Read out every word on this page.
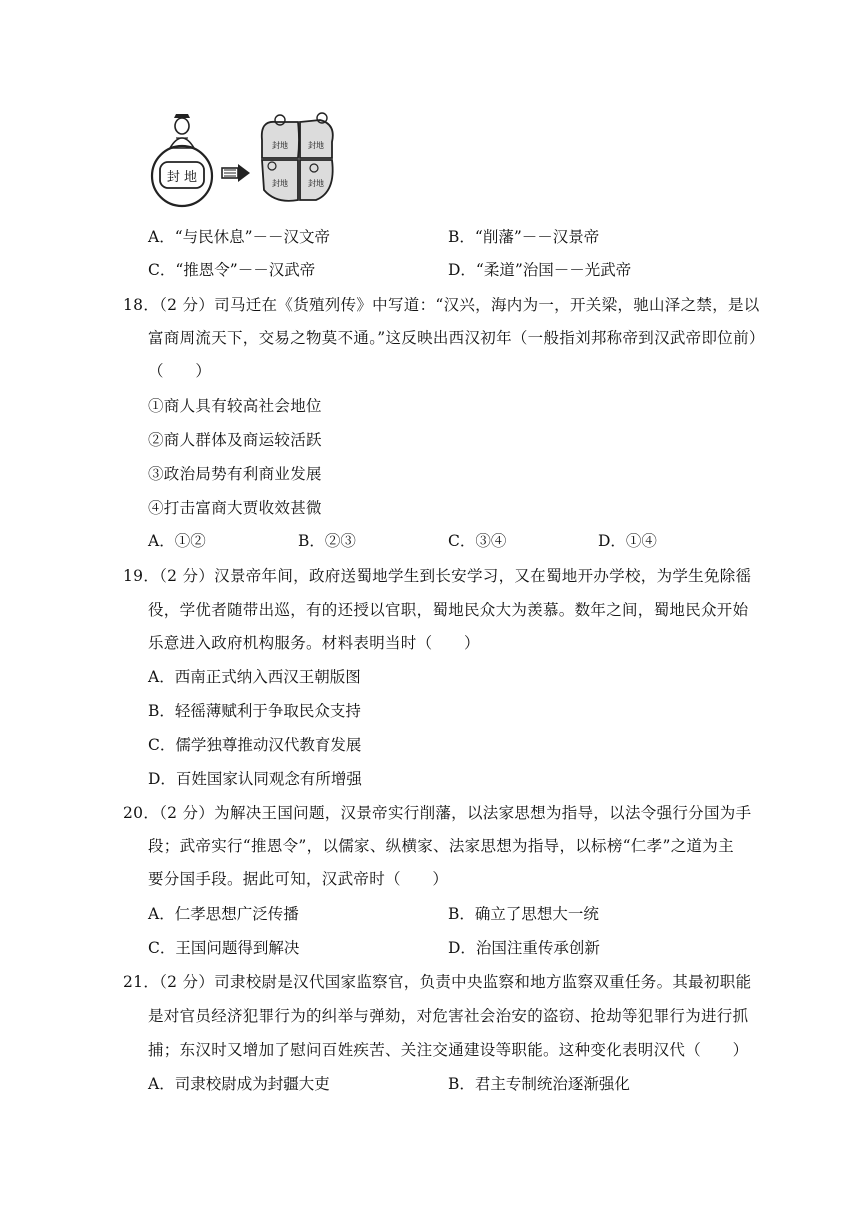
封 地
封地	封地
封地	封地
A．“与民休息”－－汉文帝	B．“削藩”－－汉景帝
C．“推恩令”－－汉武帝	D．“柔道”治国－－光武帝
18．（2 分）司马迁在《货殖列传》中写道：“汉兴，海内为一，开关梁，驰山泽之禁，是以
富商周流天下，交易之物莫不通。”这反映出西汉初年（一般指刘邦称帝到汉武帝即位前）
（　　）
①商人具有较高社会地位
②商人群体及商运较活跃
③政治局势有利商业发展
④打击富商大贾收效甚微
A．①②	B．②③	C．③④	D．①④
19．（2 分）汉景帝年间，政府送蜀地学生到长安学习，又在蜀地开办学校，为学生免除徭
役，学优者随带出巡，有的还授以官职，蜀地民众大为羡慕。数年之间，蜀地民众开始
乐意进入政府机构服务。材料表明当时（　　）
A．西南正式纳入西汉王朝版图
B．轻徭薄赋利于争取民众支持
C．儒学独尊推动汉代教育发展
D．百姓国家认同观念有所增强
20．（2 分）为解决王国问题，汉景帝实行削藩，以法家思想为指导，以法令强行分国为手
段；武帝实行“推恩令”，以儒家、纵横家、法家思想为指导，以标榜“仁孝”之道为主
要分国手段。据此可知，汉武帝时（　　）
A．仁孝思想广泛传播	B．确立了思想大一统
C．王国问题得到解决	D．治国注重传承创新
21．（2 分）司隶校尉是汉代国家监察官，负责中央监察和地方监察双重任务。其最初职能
是对官员经济犯罪行为的纠举与弹劾，对危害社会治安的盗窃、抢劫等犯罪行为进行抓
捕；东汉时又增加了慰问百姓疾苦、关注交通建设等职能。这种变化表明汉代（　　）
A．司隶校尉成为封疆大吏	B．君主专制统治逐渐强化
